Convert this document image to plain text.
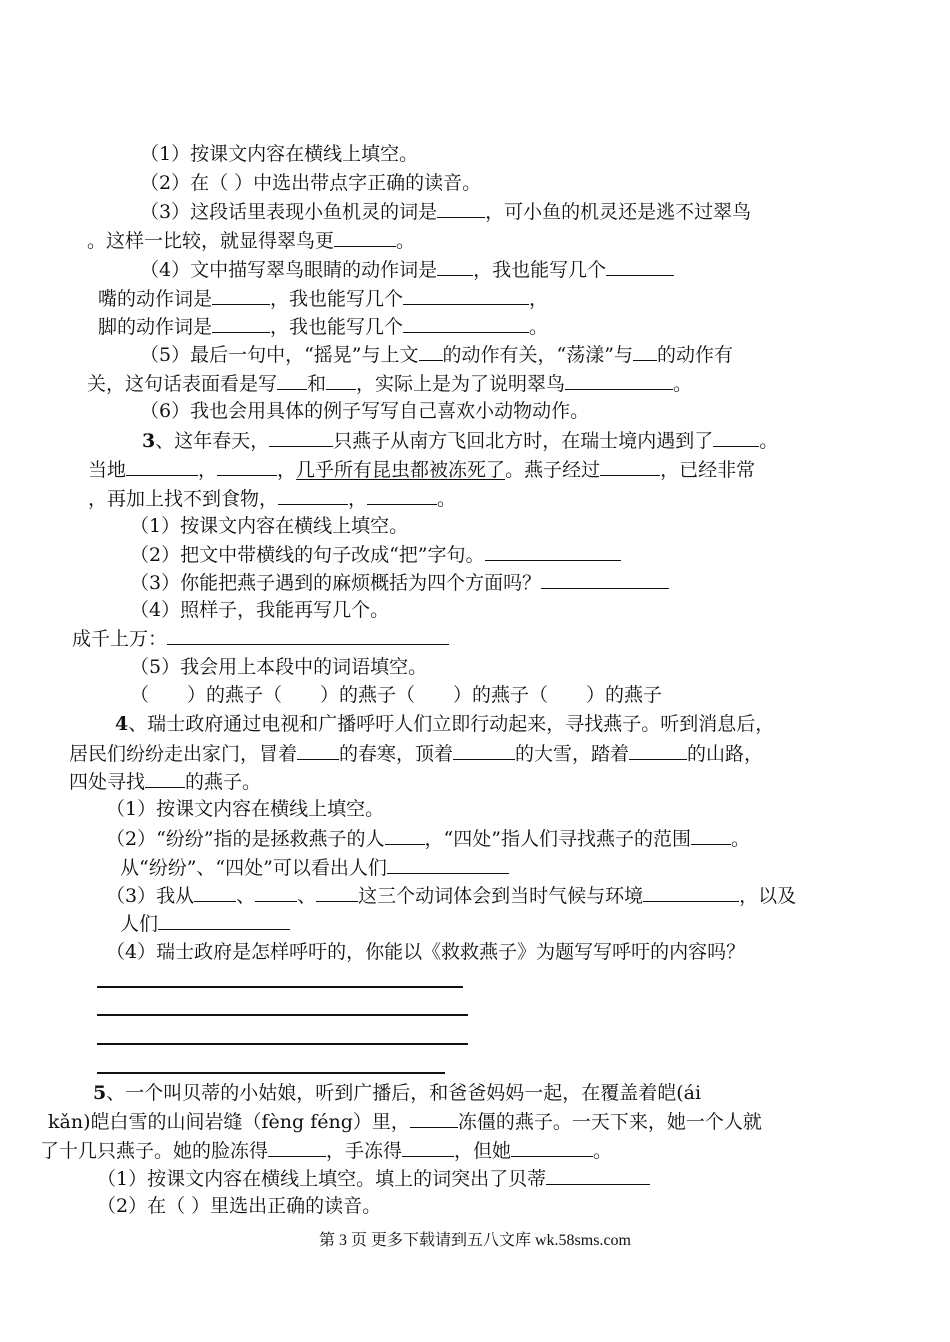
（1）按课文内容在横线上填空。
（2）在（ ）中选出带点字正确的读音。
（3）这段话里表现小鱼机灵的词是	，可小鱼的机灵还是逃不过翠鸟
。这样一比较，就显得翠鸟更	。
（4）文中描写翠鸟眼睛的动作词是 ，我也能写几个
嘴的动作词是	，我也能写几个	，
脚的动作词是	，我也能写几个	。
（5）最后一句中，“摇晃”与上文 的动作有关，“荡漾”与 的动作有
关，这句话表面看是写 和 ，实际上是为了说明翠鸟	。
（6）我也会用具体的例子写写自己喜欢小动物动作。
3、这年春天，	只燕子从南方飞回北方时，在瑞士境内遇到了 。
当地	，	，几乎所有昆虫都被冻死了。燕子经过	，已经非常
，再加上找不到食物，	，	。
（1）按课文内容在横线上填空。
（2）把文中带横线的句子改成“把”字句。
（3）你能把燕子遇到的麻烦概括为四个方面吗？
（4）照样子，我能再写几个。
成千上万：
（5）我会用上本段中的词语填空。
（　　）的燕子（　　）的燕子（　　）的燕子（　　）的燕子
4、瑞士政府通过电视和广播呼吁人们立即行动起来，寻找燕子。听到消息后，
居民们纷纷走出家门，冒着 的春寒，顶着	的大雪，踏着	的山路，
四处寻找 的燕子。
（1）按课文内容在横线上填空。
（2）“纷纷”指的是拯救燕子的人 ，“四处”指人们寻找燕子的范围 。
从“纷纷”、“四处”可以看出人们
（3）我从 、 、 这三个动词体会到当时气候与环境	，以及
人们
（4）瑞士政府是怎样呼吁的，你能以《救救燕子》为题写写呼吁的内容吗？
5、一个叫贝蒂的小姑娘，听到广播后，和爸爸妈妈一起，在覆盖着皑(ái
kǎn)皑白雪的山间岩缝（fèng féng）里，	冻僵的燕子。一天下来，她一个人就
了十几只燕子。她的脸冻得	，手冻得	，但她	。
（1）按课文内容在横线上填空。填上的词突出了贝蒂
（2）在（ ）里选出正确的读音。
第 3 页 更多下载请到五八文库 wk.58sms.com
